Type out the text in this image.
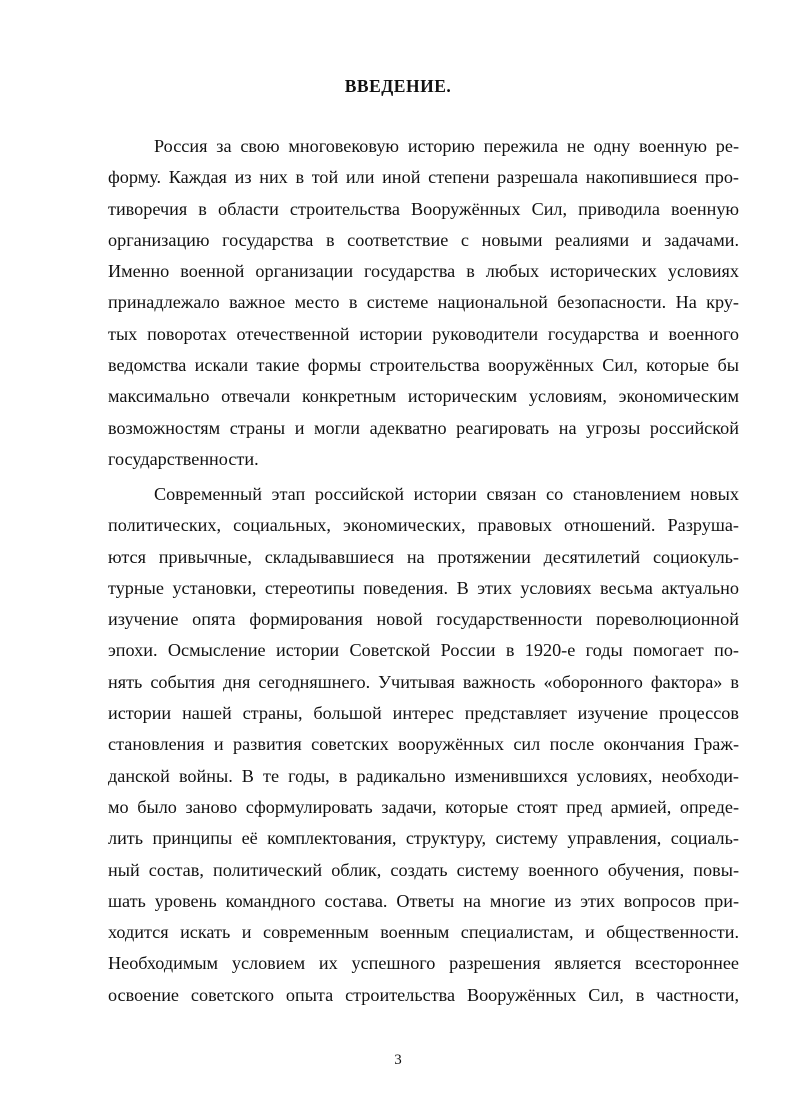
ВВЕДЕНИЕ.
Россия за свою многовековую историю пережила не одну военную ре-
форму. Каждая из них в той или иной степени разрешала накопившиеся про-
тиворечия в области строительства Вооружённых Сил, приводила военную
организацию государства в соответствие с новыми реалиями и задачами.
Именно военной организации государства в любых исторических условиях
принадлежало важное место в системе национальной безопасности. На кру-
тых поворотах отечественной истории руководители государства и военного
ведомства искали такие формы строительства вооружённых Сил, которые бы
максимально отвечали конкретным историческим условиям, экономическим
возможностям страны и могли адекватно реагировать на угрозы российской
государственности.
Современный этап российской истории связан со становлением новых
политических, социальных, экономических, правовых отношений. Разруша-
ются привычные, складывавшиеся на протяжении десятилетий социокуль-
турные установки, стереотипы поведения. В этих условиях весьма актуально
изучение опята формирования новой государственности пореволюционной
эпохи. Осмысление истории Советской России в 1920-е годы помогает по-
нять события дня сегодняшнего. Учитывая важность «оборонного фактора» в
истории нашей страны, большой интерес представляет изучение процессов
становления и развития советских вооружённых сил после окончания Граж-
данской войны. В те годы, в радикально изменившихся условиях, необходи-
мо было заново сформулировать задачи, которые стоят пред армией, опреде-
лить принципы её комплектования, структуру, систему управления, социаль-
ный состав, политический облик, создать систему военного обучения, повы-
шать уровень командного состава. Ответы на многие из этих вопросов при-
ходится искать и современным военным специалистам, и общественности.
Необходимым условием их успешного разрешения является всестороннее
освоение советского опыта строительства Вооружённых Сил, в частности,
3
